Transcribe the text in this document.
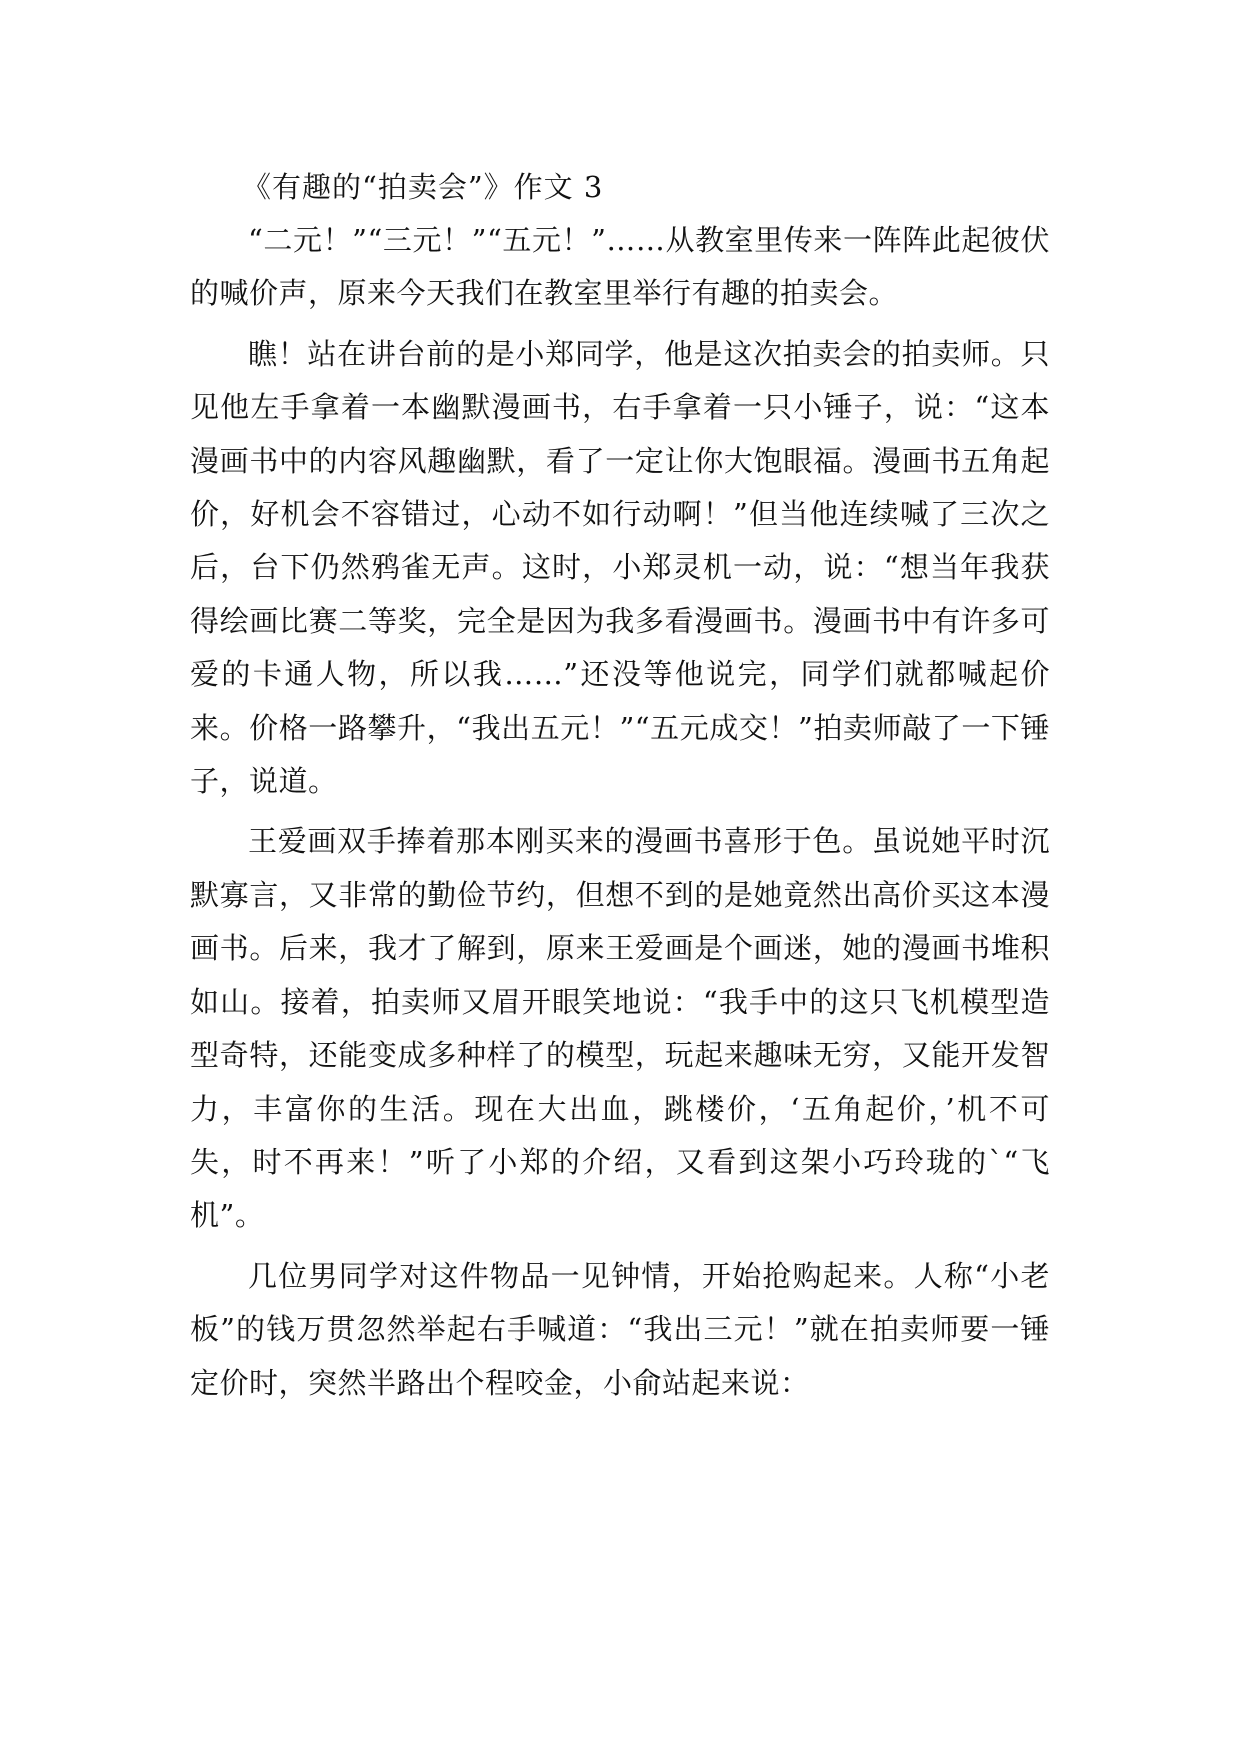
《有趣的“拍卖会”》作文 3

“二元！”“三元！”“五元！”……从教室里传来一阵阵此起彼伏的喊价声，原来今天我们在教室里举行有趣的拍卖会。

瞧！站在讲台前的是小郑同学，他是这次拍卖会的拍卖师。只见他左手拿着一本幽默漫画书，右手拿着一只小锤子，说：“这本漫画书中的内容风趣幽默，看了一定让你大饱眼福。漫画书五角起价，好机会不容错过，心动不如行动啊！”但当他连续喊了三次之后，台下仍然鸦雀无声。这时，小郑灵机一动，说：“想当年我获得绘画比赛二等奖，完全是因为我多看漫画书。漫画书中有许多可爱的卡通人物，所以我……”还没等他说完，同学们就都喊起价来。价格一路攀升，“我出五元！”“五元成交！”拍卖师敲了一下锤子，说道。

王爱画双手捧着那本刚买来的漫画书喜形于色。虽说她平时沉默寡言，又非常的勤俭节约，但想不到的是她竟然出高价买这本漫画书。后来，我才了解到，原来王爱画是个画迷，她的漫画书堆积如山。接着，拍卖师又眉开眼笑地说：“我手中的这只飞机模型造型奇特，还能变成多种样了的模型，玩起来趣味无穷，又能开发智力，丰富你的生活。现在大出血，跳楼价，‘五角起价，’机不可失，时不再来！”听了小郑的介绍，又看到这架小巧玲珑的`“飞机”。

几位男同学对这件物品一见钟情，开始抢购起来。人称“小老板”的钱万贯忽然举起右手喊道：“我出三元！”就在拍卖师要一锤定价时，突然半路出个程咬金，小俞站起来说：
